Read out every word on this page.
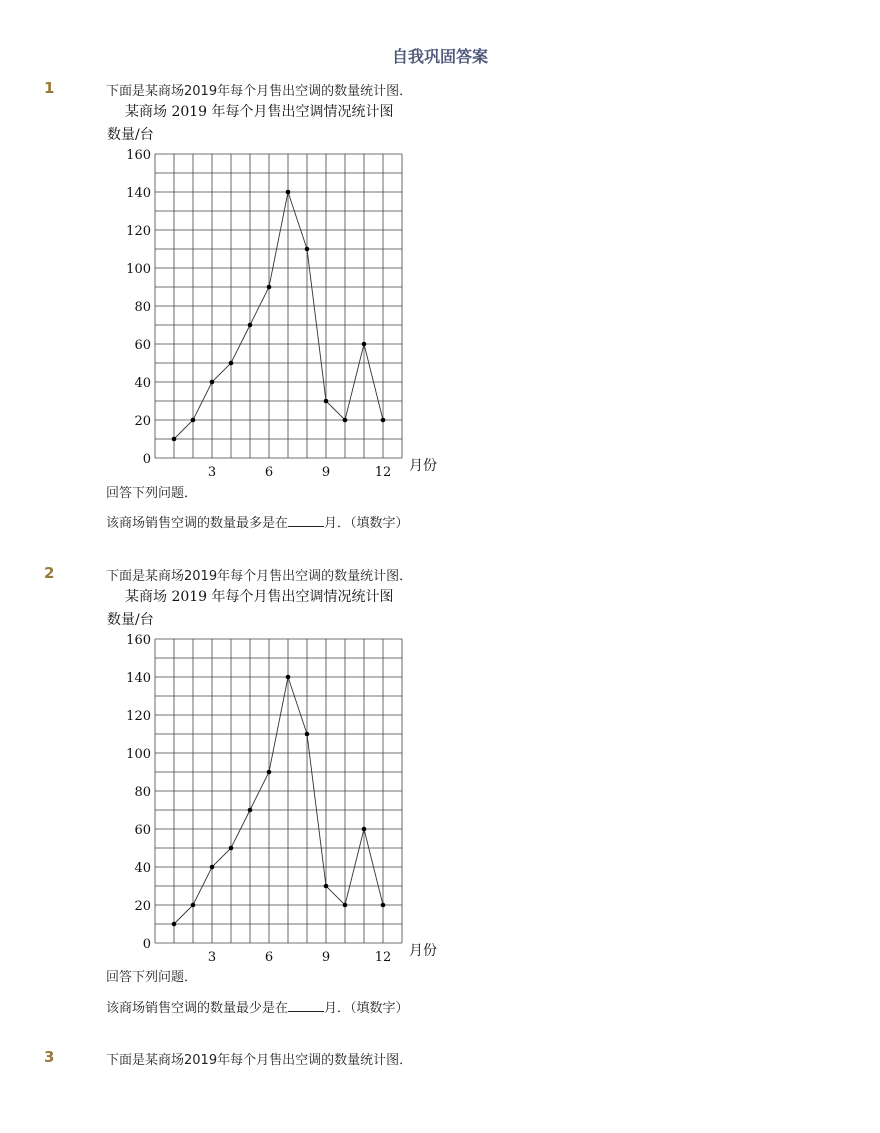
自我巩固答案
1	下面是某商场2019年每个月售出空调的数量统计图．
某商场 2019 年每个月售出空调情况统计图
数量/台
月份
0
20
40
60
80
100
120
140
160
3	6	9	12
回答下列问题．
该商场销售空调的数量最多是在	月．（填数字）
2	下面是某商场2019年每个月售出空调的数量统计图．
某商场 2019 年每个月售出空调情况统计图
数量/台
月份
0
20
40
60
80
100
120
140
160
3	6	9	12
回答下列问题．
该商场销售空调的数量最少是在	月．（填数字）
3	下面是某商场2019年每个月售出空调的数量统计图．
